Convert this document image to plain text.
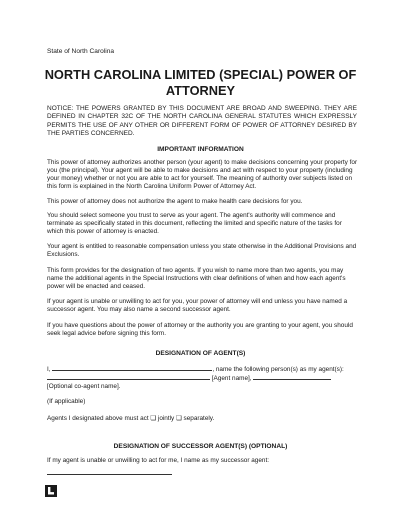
State of North Carolina
NORTH CAROLINA LIMITED (SPECIAL) POWER OF
ATTORNEY
NOTICE: THE POWERS GRANTED BY THIS DOCUMENT ARE BROAD AND SWEEPING. THEY ARE DEFINED IN CHAPTER 32C OF THE NORTH CAROLINA GENERAL STATUTES WHICH EXPRESSLY PERMITS THE USE OF ANY OTHER OR DIFFERENT FORM OF POWER OF ATTORNEY DESIRED BY THE PARTIES CONCERNED.
IMPORTANT INFORMATION
This power of attorney authorizes another person (your agent) to make decisions concerning your property for you (the principal). Your agent will be able to make decisions and act with respect to your property (including your money) whether or not you are able to act for yourself. The meaning of authority over subjects listed on this form is explained in the North Carolina Uniform Power of Attorney Act.
This power of attorney does not authorize the agent to make health care decisions for you.
You should select someone you trust to serve as your agent. The agent's authority will commence and terminate as specifically stated in this document, reflecting the limited and specific nature of the tasks for which this power of attorney is enacted.
Your agent is entitled to reasonable compensation unless you state otherwise in the Additional Provisions and Exclusions.
This form provides for the designation of two agents. If you wish to name more than two agents, you may name the additional agents in the Special Instructions with clear definitions of when and how each agent's power will be enacted and ceased.
If your agent is unable or unwilling to act for you, your power of attorney will end unless you have named a successor agent. You may also name a second successor agent.
If you have questions about the power of attorney or the authority you are granting to your agent, you should seek legal advice before signing this form.
DESIGNATION OF AGENT(S)
I,	, name the following person(s) as my agent(s):
[Agent name],
[Optional co-agent name].
(If applicable)
Agents I designated above must act ❏ jointly ❏ separately.
DESIGNATION OF SUCCESSOR AGENT(S) (OPTIONAL)
If my agent is unable or unwilling to act for me, I name as my successor agent:
